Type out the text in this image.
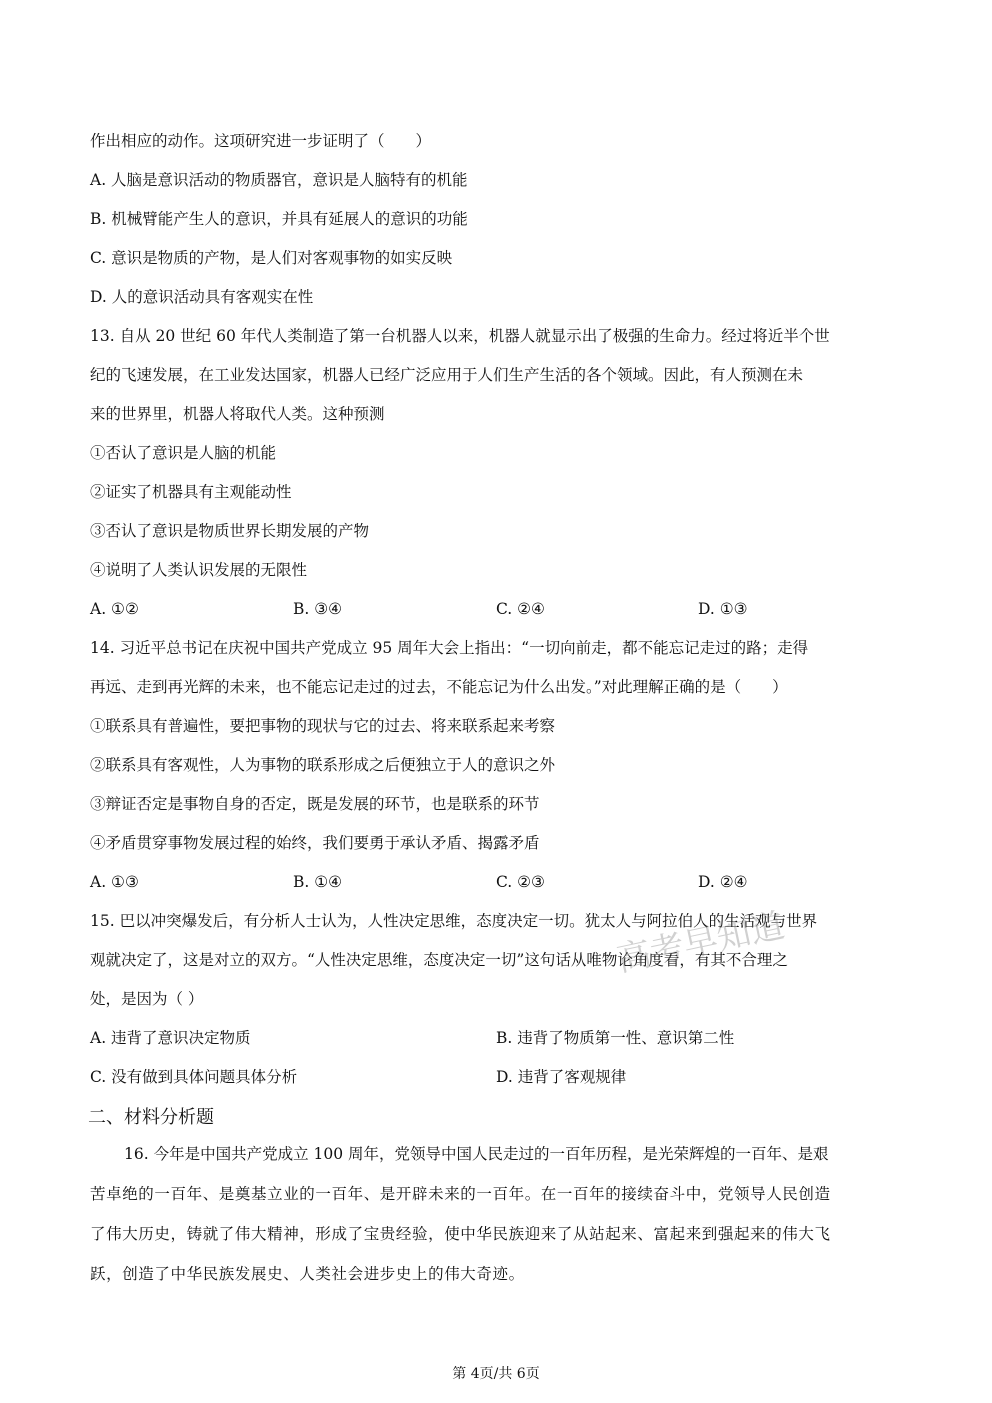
作出相应的动作。这项研究进一步证明了（　　）
A. 人脑是意识活动的物质器官，意识是人脑特有的机能
B. 机械臂能产生人的意识，并具有延展人的意识的功能
C. 意识是物质的产物，是人们对客观事物的如实反映
D. 人的意识活动具有客观实在性
13. 自从 20 世纪 60 年代人类制造了第一台机器人以来，机器人就显示出了极强的生命力。经过将近半个世
纪的飞速发展，在工业发达国家，机器人已经广泛应用于人们生产生活的各个领域。因此，有人预测在未
来的世界里，机器人将取代人类。这种预测
①否认了意识是人脑的机能
②证实了机器具有主观能动性
③否认了意识是物质世界长期发展的产物
④说明了人类认识发展的无限性
A. ①②	B. ③④	C. ②④	D. ①③
14. 习近平总书记在庆祝中国共产党成立 95 周年大会上指出：“一切向前走，都不能忘记走过的路；走得
再远、走到再光辉的未来，也不能忘记走过的过去，不能忘记为什么出发。”对此理解正确的是（　　）
①联系具有普遍性，要把事物的现状与它的过去、将来联系起来考察
②联系具有客观性，人为事物的联系形成之后便独立于人的意识之外
③辩证否定是事物自身的否定，既是发展的环节，也是联系的环节
④矛盾贯穿事物发展过程的始终，我们要勇于承认矛盾、揭露矛盾
A. ①③	B. ①④	C. ②③	D. ②④
15. 巴以冲突爆发后，有分析人士认为，人性决定思维，态度决定一切。犹太人与阿拉伯人的生活观与世界
观就决定了，这是对立的双方。“人性决定思维，态度决定一切”这句话从唯物论角度看，有其不合理之
处，是因为（ ）
A. 违背了意识决定物质	B. 违背了物质第一性、意识第二性
C. 没有做到具体问题具体分析	D. 违背了客观规律
高考早知道
二、材料分析题
16. 今年是中国共产党成立 100 周年，党领导中国人民走过的一百年历程，是光荣辉煌的一百年、是艰
苦卓绝的一百年、是奠基立业的一百年、是开辟未来的一百年。在一百年的接续奋斗中，党领导人民创造
了伟大历史，铸就了伟大精神，形成了宝贵经验，使中华民族迎来了从站起来、富起来到强起来的伟大飞
跃，创造了中华民族发展史、人类社会进步史上的伟大奇迹。
第 4页/共 6页
